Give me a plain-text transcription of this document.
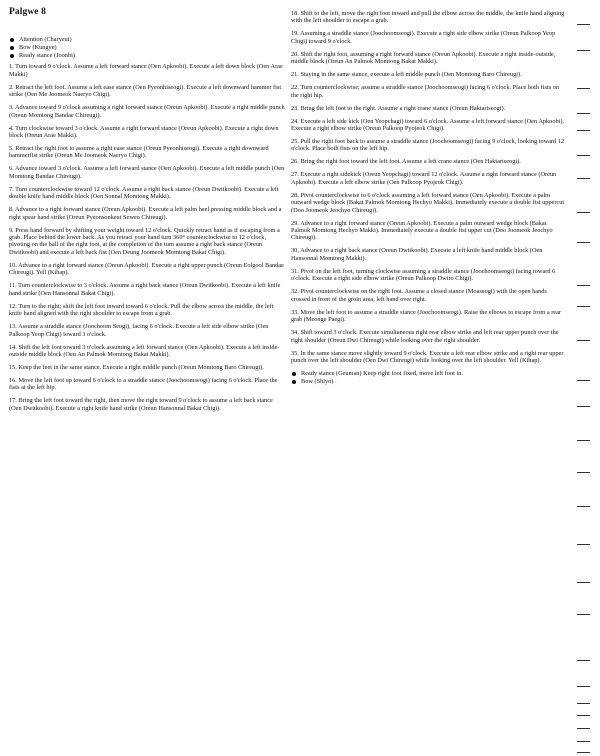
Palgwe 8
Attention (Charyeut)
Bow (Kungye)
Ready stance (Joonbi)

1. Turn toward 9 o'clock. Assume a left forward stance (Oen Apkoobi). Execute a left down block (Oen Arae Makki)

2. Retract the left foot. Assume a left ease stance (Oen Pyeonhiseogi). Execute a left downward hammer fist strike (Oen Me Joomeok Naeryo Chigi).

3. Advance toward 9 o'clock assuming a right forward stance (Oreun Apkoobi). Execute a right middle punch (Oreun Momtong Bandae Chireugi).

4. Turn clockwise toward 3 o'clock. Assume a right forward stance (Oreun Apkoobi). Execute a right down block (Oreun Arae Makki).

5. Retract the right foot to assume a right ease stance (Oreun Pyeonhiseogi). Execute a right downward hammerfist strike (Oreun Me Joomeok Naeryo Chigi).

6. Advance toward 3 o'clock. Assume a left forward stance (Oen Apkoobi). Execute a left middle punch (Oen Momtong Bandae Chireugi).

7. Turn counterclockwise toward 12 o'clock. Assume a right back stance (Oreun Dwitkoobi). Execute a left double knife hand middle block (Oen Sonnal Momtong Makki).

8. Advance to a right forward stance (Oreun Apkoobi). Execute a left palm heel pressing middle block and a right spear hand strike (Oreun Pyeonsonkeut Seweo Chireugi).

9. Press hand forward by shifting your weight toward 12 o'clock. Quickly retract hand as if escaping from a grab. Place behind the lower back. As you retract your hand turn 360° counterclockwise to 12 o'clock, pivoting on the ball of the right foot, at the completion of the turn assume a right back stance (Oreun Dwitkoobi) and execute a left back fist (Oen Deung Joomeok Momtong Bakat Chigi).

10. Advance to a right forward stance (Oreun Apkoobi). Execute a right upper punch (Oreun Eolgool Bandae Chireugi). Yell (Kihap).

11. Turn counterclockwise to 3 o'clock. Assume a right back stance (Oreun Dwitkoobi). Execute a left knife hand strike (Oen Hansonnal Bakat Chigi).

12. Turn to the right; shift the left foot inward toward 6 o'clock. Pull the elbow across the middle, the left knife hand aligned with the right shoulder to escape from a grab.

13. Assume a straddle stance (Joochoom Seogi), facing 6 o'clock. Execute a left side elbow strike (Oen Palkoop Yeop Chigi) toward 3 o'clock.

14. Shift the left foot toward 3 o'clock assuming a left forward stance (Oen Apkoobi). Execute a left inside-outside middle block (Oen An Palmok Momtong Bakat Makki).

15. Keep the feet in the same stance. Execute a right middle punch (Oreun Momtong Baro Chireugi).

16. Move the left foot up toward 6 o'clock to a straddle stance (Joochoomseogi) facing 6 o'clock. Place the fists at the left hip.

17. Bring the left foot toward the right, then move the right toward 9 o'clock to assume a left back stance (Oen Dwitkoobi). Execute a right knife hand strike (Oreun Hansonnal Bakat Chigi).

18. Shift to the left, move the right foot inward and pull the elbow across the middle, the knife hand aligning with the left shoulder to escape a grab.

19. Assuming a straddle stance (Joochoomseogi). Execute a right side elbow strike (Oreun Palkoop Yeop Chigi) toward 9 o'clock.

20. Shift the right foot, assuming a right forward stance (Oreun Apkoobi). Execute a right inside-outside, middle block (Oreun An Palmok Momtong Bakat Makki).

21. Staying in the same stance, execute a left middle punch (Oen Momtong Baro Chireugi).

22. Turn counterclockwise; assume a straddle stance (Joochoomseogi) facing 6 o'clock. Place both fists on the right hip.

23. Bring the left foot to the right. Assume a right crane stance (Oreun Haktariseogi).

24. Execute a left side kick (Oen Yeopchagi) toward 6 o'clock. Assume a left forward stance (Oen Apkoobi). Execute a right elbow strike (Oreun Palkoop Pyojeok Chigi).

25. Pull the right foot back to assume a straddle stance (Joochoomseogi) facing 9 o'clock, looking toward 12 o'clock. Place both fists on the left hip.

26. Bring the right foot toward the left foot. Assume a left crane stance (Oen Haktariseogi).

27. Execute a right sidekick (Oreun Yeopchagi) toward 12 o'clock. Assume a right forward stance (Oreun Apkoobi). Execute a left elbow strike (Oen Palkoop Pyojeok Chigi).

28. Pivot counterclockwise to 6 o'clock assuming a left forward stance (Oen Apkoobi). Execute a palm outward wedge block (Bakat Palmok Momtong Hechyo Makki). Immediately execute a double fist uppercut (Doo Joomeok Jeochyo Chireugi).

29. Advance to a right forward stance (Oreun Apkoobi). Execute a palm outward wedge block (Bakat Palmok Momtong Hechyo Makki). Immediately execute a double fist upper cut (Doo Joomeok Jeochyo Chireugi).

30. Advance to a right back stance (Oreun Dwitkoobi). Execute a left knife hand middle block (Oen Hansonnal Momtong Makki).

31. Pivot on the left foot, turning clockwise assuming a straddle stance (Joochoomseogi) facing toward 6 o'clock. Execute a right side elbow strike (Oreun Palkoop Dwiro Chigi).

32. Pivot counterclockwise on the right foot. Assume a closed stance (Moaseogi) with the open hands crossed in front of the groin area, left hand over right.

33. Move the left foot to assume a straddle stance (Joochoomseogi). Raise the elbows to escape from a rear grab (Meonge Paegi).

34. Shift toward 3 o'clock. Execute simultaneous right rear elbow strike and left rear upper punch over the right shoulder (Oreun Dwi Chireugi) while looking over the right shoulder.

35. In the same stance move slightly toward 9 o'clock. Execute a left rear elbow strike and a right rear upper punch over the left shoulder (Oen Dwi Chireugi) while looking over the left shoulder. Yell (Kihap).

Ready stance (Geuman) Keep right foot fixed, move left foot in.
Bow (Shiyo)
